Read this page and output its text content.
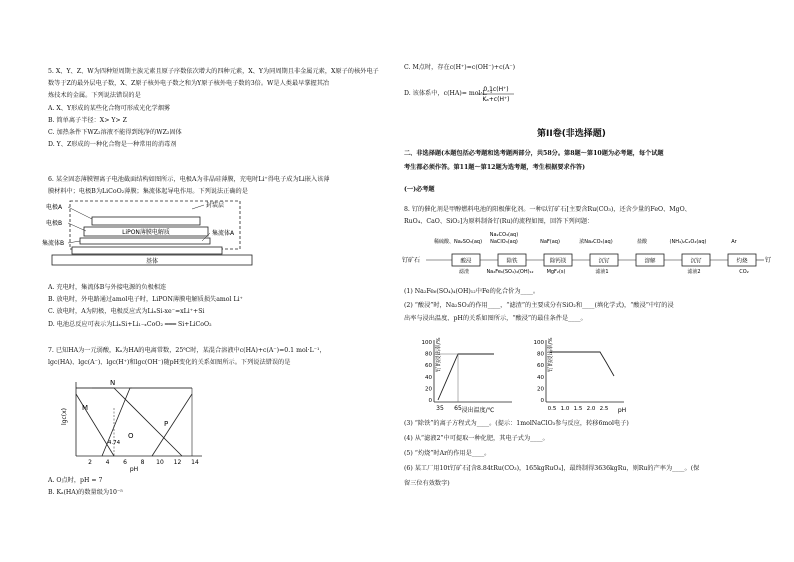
5. X、Y、Z、W为四种短周期主族元素且原子序数依次增大的四种元素，X、Y为同周期且非金属元素，X原子的核外电子
数等于Z的最外层电子数，X、Z原子核外电子数之和为Y原子核外电子数的3倍。W是人类最早掌握其冶
炼技术的金属。下列说法错误的是
A. X、Y形成的某些化合物可形成光化学烟雾
B. 简单离子半径：X> Y> Z
C. 加热条件下WZ₂溶液不能得到纯净的WZ₂固体
D. Y、Z形成的一种化合物是一种常用的消毒剂
6. 某全固态薄膜锂离子电池截面结构如图所示，电极A为非晶硅薄膜，充电时Li⁺得电子成为Li嵌入该薄
膜材料中；电极B为LiCoO₂薄膜；集流体起导电作用。下列说法正确的是
LiPON薄膜电解质
基体
电极A
电极B
集流体B
封装层
集流体A
A. 充电时，集流体B与外接电源的负极相连
B. 放电时，外电路通过amol电子时，LiPON薄膜电解质损失amol Li⁺
C. 放电时，A为阴极，电极反应式为LiₓSi-xe⁻=xLi⁺+Si
D. 电池总反应可表示为LiₓSi+Li₁₋ₓCoO₂ ═══ Si+LiCoO₂
7. 已知HA为一元弱酸，Kₐ为HA的电离常数，25℃时，某混合溶液中c(HA)+c(A⁻)=0.1 mol·L⁻¹，
lgc(HA)、lgc(A⁻)、lgc(H⁺)和lgc(OH⁻)随pH变化的关系如图所示。下列说法错误的是
lgc(x)
pH
2 4 6 8 10 12 14
N
M
O
P
4.74
A. O点时，pH = 7
B. Kₐ(HA)的数量级为10⁻⁵
C. M点时，存在c(H⁺)=c(OH⁻)+c(A⁻)
D. 该体系中，c(HA)= mol·L⁻¹
0.1c(H⁺)
Kₐ+c(H⁺)
第II卷(非选择题)
二、非选择题(本题包括必考题和选考题两部分，共58分。第8题～第10题为必考题，每个试题
考生都必须作答。第11题～第12题为选考题，考生根据要求作答)
(一)必考题
8. 钌的催化剂是甲醇燃料电池的阳极催化剂。一种以钌矿石[主要含Ru(CO₃)，还含少量的FeO、MgO、
RuO₄、CaO、SiO₂]为原料制备钌(Ru)的流程如图，回答下列问题：
钌矿石	酸浸	除铁	除钙镁	沉钌	溶解	沉钌	灼烧	钌
稀硫酸、Na₂SO₃(aq)
Na₂CO₃(aq)
NaClO₃(aq)	NaF(aq)	浓Na₂CO₃(aq)	盐酸	(NH₄)₂C₂O₄(aq)	Ar
滤渣	Na₂Fe₆(SO₄)₄(OH)₁₂	MgF₂(s)	滤液1	滤液2	CO₂
(1) Na₂Fe₆(SO₄)₄(OH)₁₂中Fe的化合价为____。
(2) “酸浸”时，Na₂SO₃的作用____，“滤渣”的主要成分有SiO₂和____(填化学式)，“酸浸”中钌的浸
出率与浸出温度、pH的关系如图所示，“酸浸”的最佳条件是____。
100
80
60
40
20
0
35 65
钌的浸出率/%
浸出温度/℃
100
80
60
40
20
0
0.5 1.0 1.5 2.0 2.5
钌的浸出率/%
pH
(3) “除铁”的离子方程式为____。(提示：1molNaClO₃参与反应，转移6mol电子)
(4) 从“滤液2”中可提取一种化肥，其电子式为____。
(5) “灼烧”时Ar的作用是____。
(6) 某工厂用10t钌矿石[含8.84tRu(CO₃)，165kgRuO₄]，最终制得3636kgRu，则Ru的产率为____。(保
留三位有效数字)
